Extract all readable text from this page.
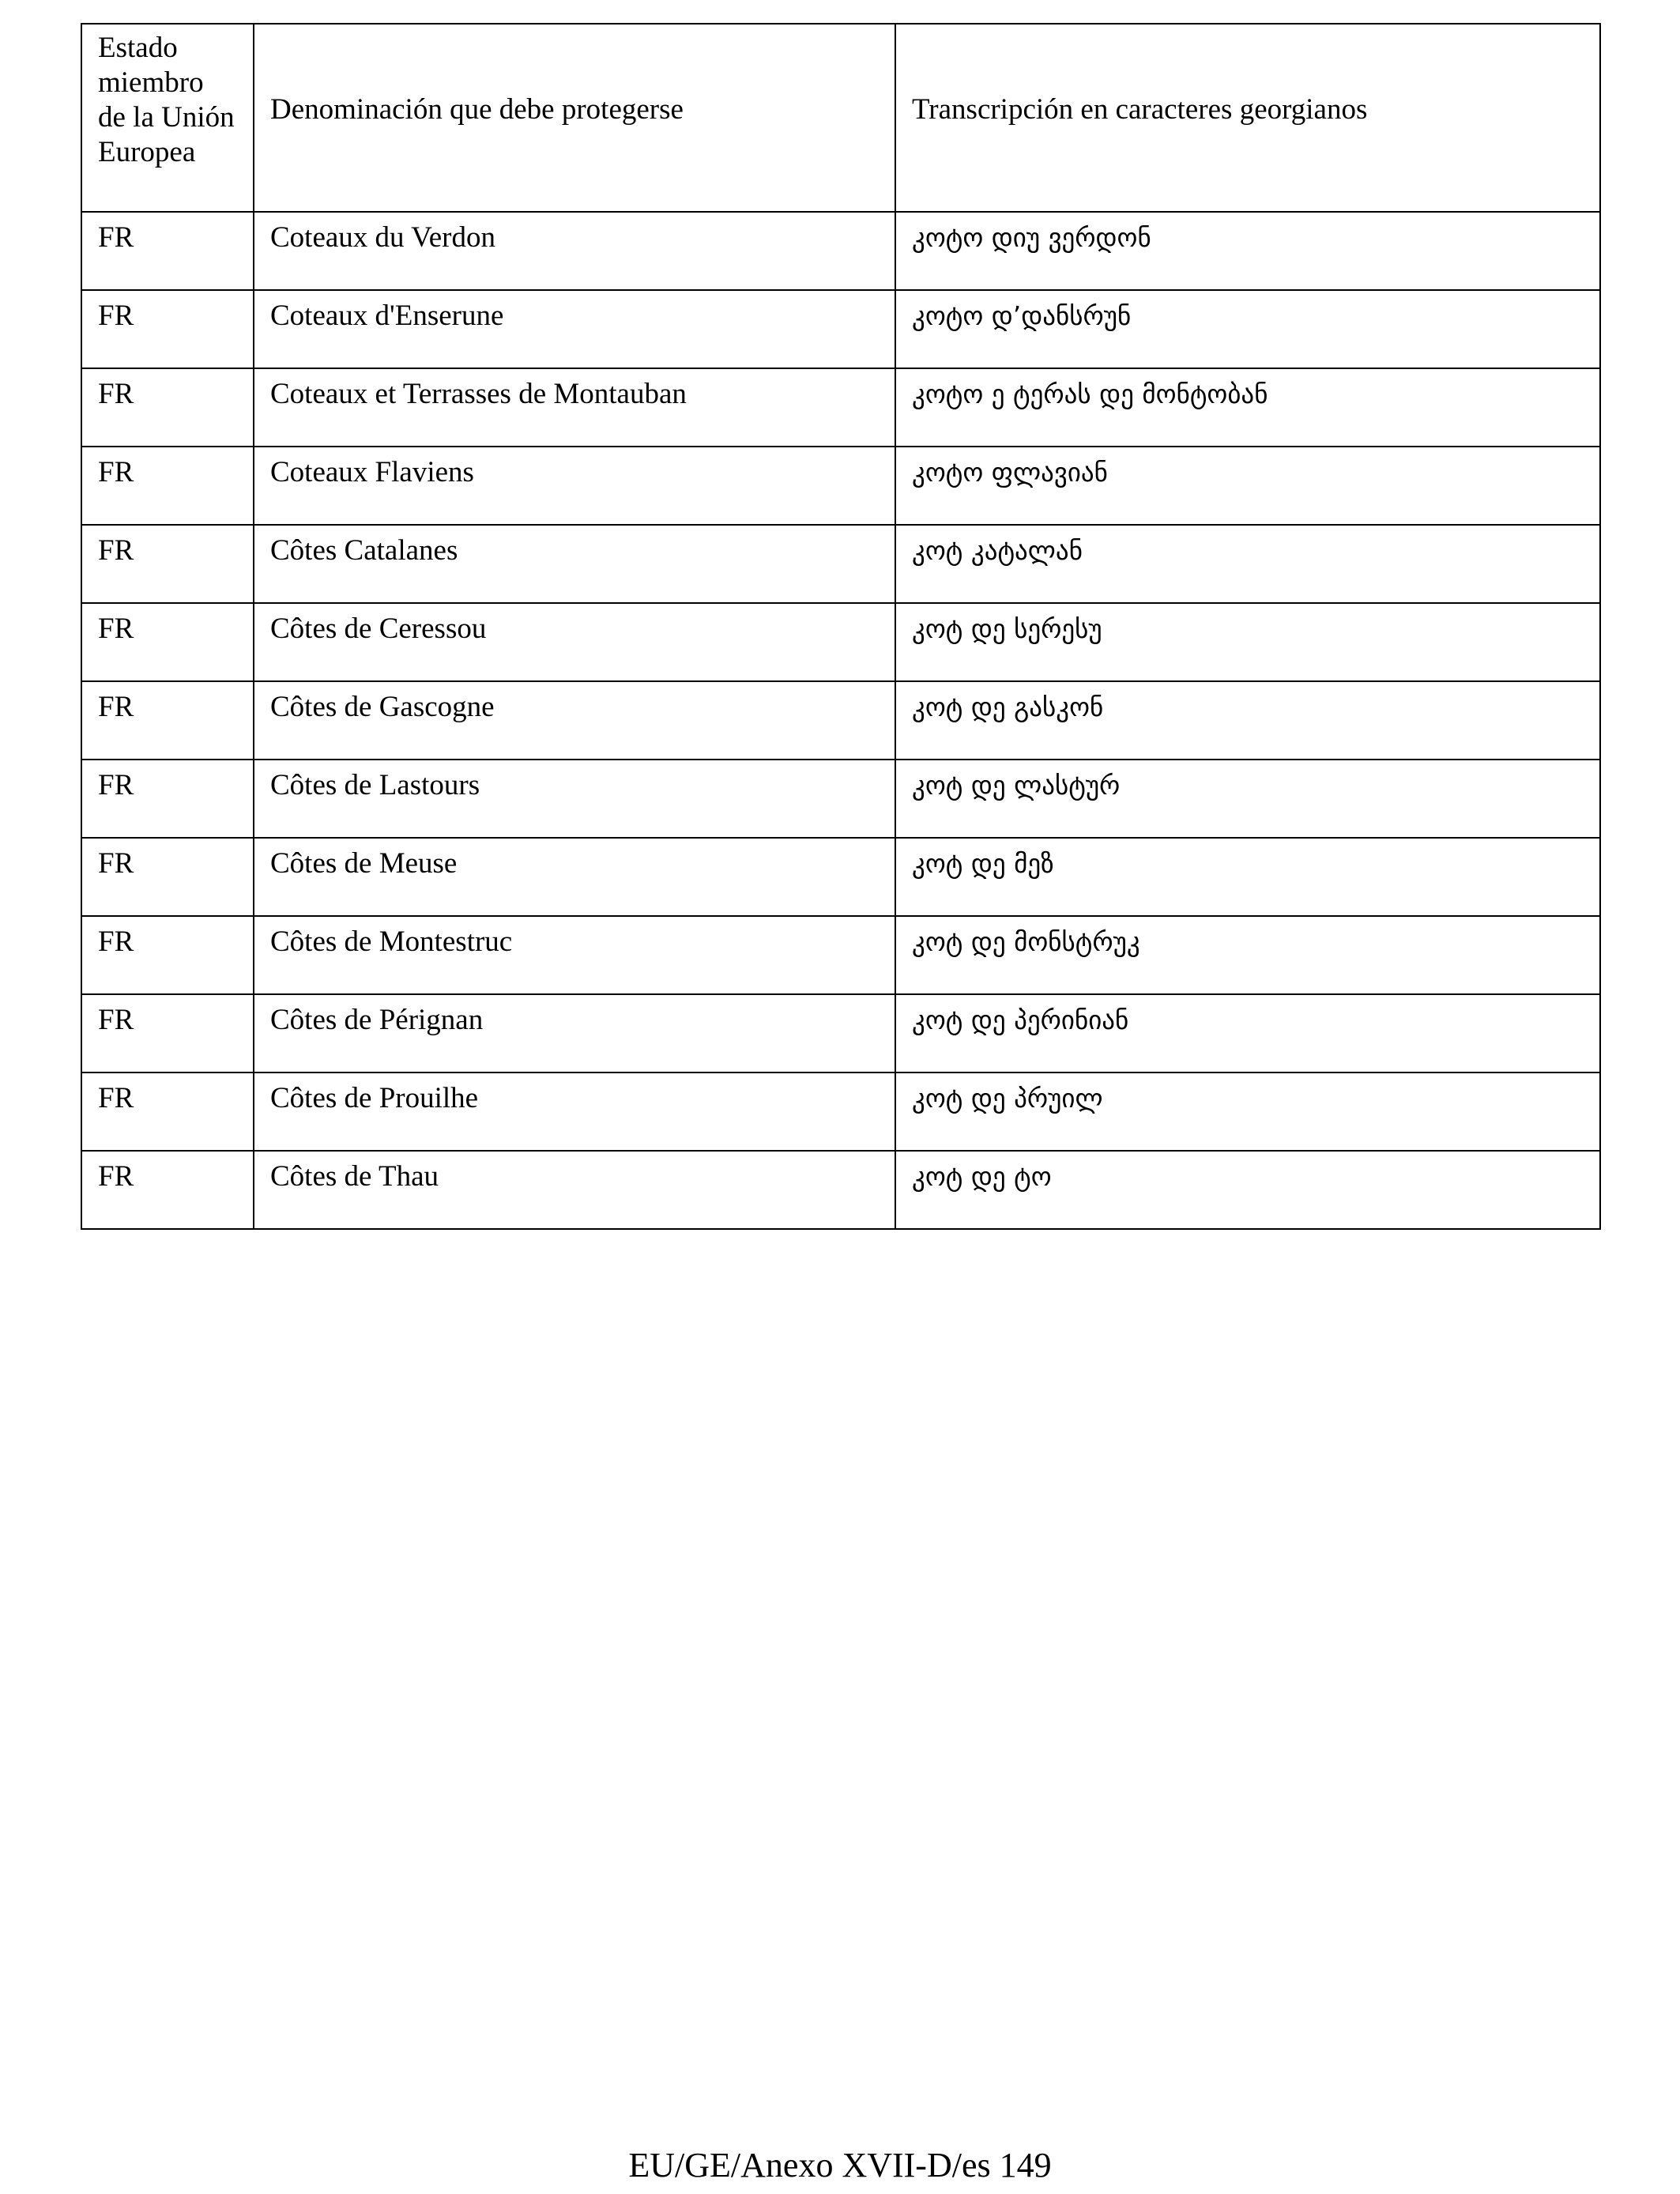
Estado miembro de la Unión Europea	Denominación que debe protegerse	Transcripción en caracteres georgianos
FR	Coteaux du Verdon	კოტო დიუ ვერდონ
FR	Coteaux d'Enserune	კოტო დ’დანსრუნ
FR	Coteaux et Terrasses de Montauban	კოტო ე ტერას დე მონტობან
FR	Coteaux Flaviens	კოტო ფლავიან
FR	Côtes Catalanes	კოტ კატალან
FR	Côtes de Ceressou	კოტ დე სერესუ
FR	Côtes de Gascogne	კოტ დე გასკონ
FR	Côtes de Lastours	კოტ დე ლასტურ
FR	Côtes de Meuse	კოტ დე მეზ
FR	Côtes de Montestruc	კოტ დე მონსტრუკ
FR	Côtes de Pérignan	კოტ დე პერინიან
FR	Côtes de Prouilhe	კოტ დე პრუილ
FR	Côtes de Thau	კოტ დე ტო
EU/GE/Anexo XVII-D/es 149
